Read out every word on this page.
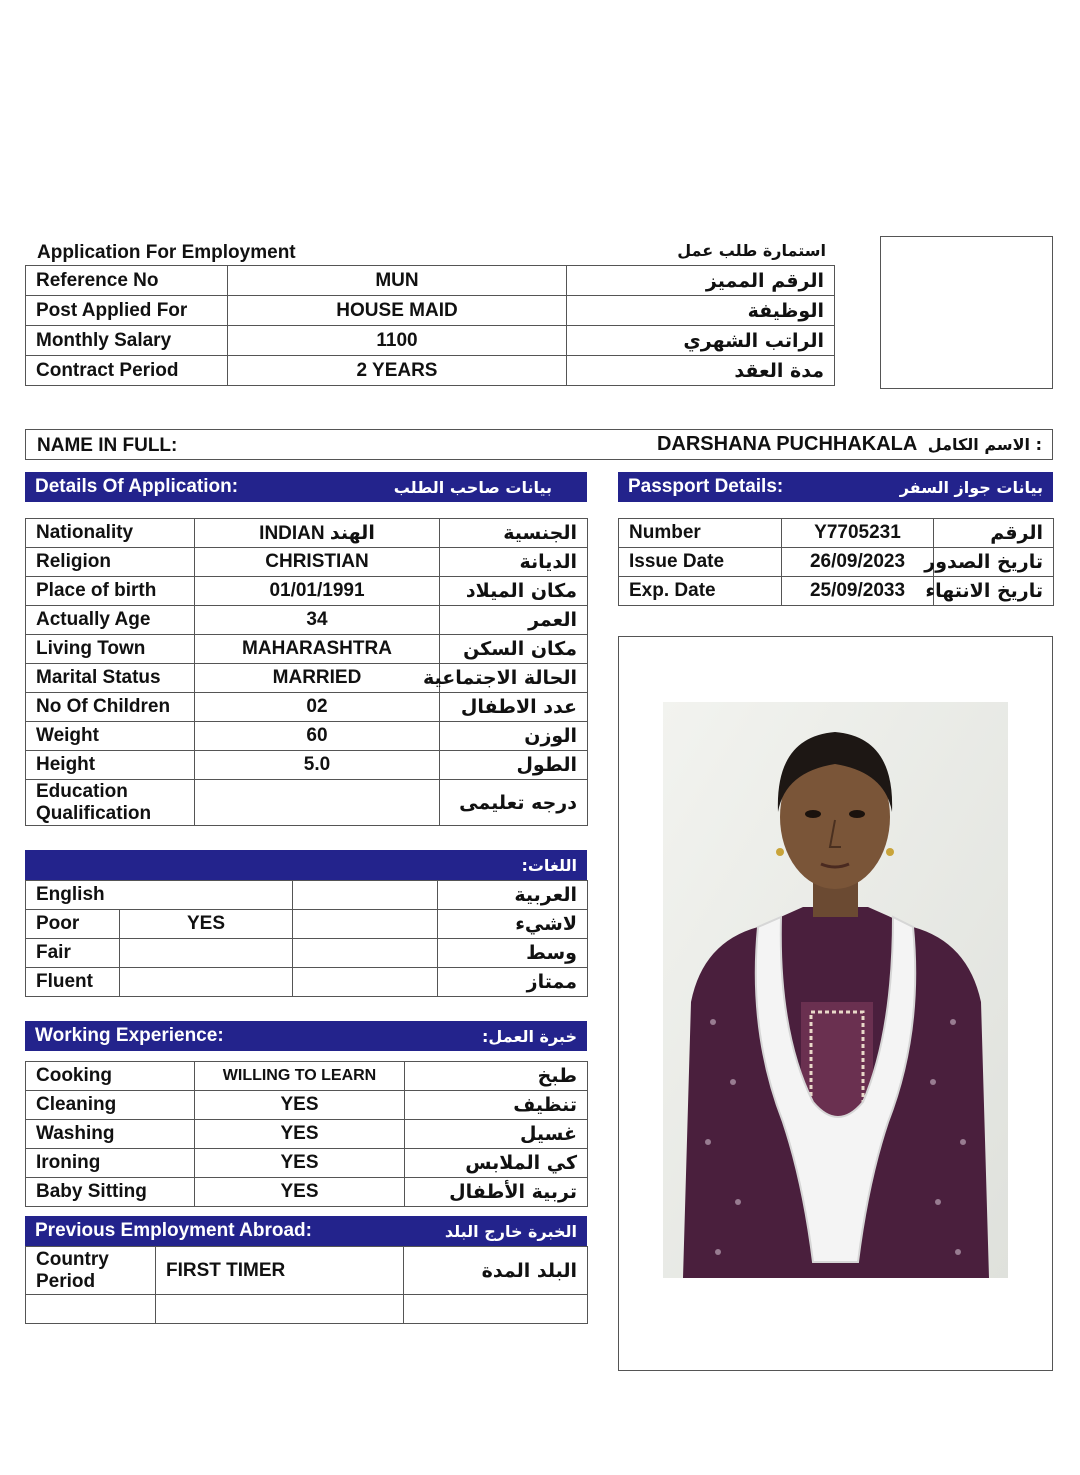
Application For Employment	استمارة طلب عمل
Reference No	MUN	الرقم المميز
Post Applied For	HOUSE MAID	الوظيفة
Monthly Salary	1100	الراتب الشهري
Contract Period	2 YEARS	مدة العقد
NAME IN FULL:	DARSHANA PUCHHAKALA : الاسم الكامل
Details Of Application:	بيانات صاحب الطلب
Nationality	INDIAN الهند	الجنسية
Religion	CHRISTIAN	الديانة
Place of birth	01/01/1991	مكان الميلاد
Actually Age	34	العمر
Living Town	MAHARASHTRA	مكان السكن
Marital Status	MARRIED	الحالة الاجتماعية
No Of Children	02	عدد الاطفال
Weight	60	الوزن
Height	5.0	الطول

Education
Qualification		درجه تعليمى
Passport Details:	بيانات جواز السفر
Number	Y7705231	الرقم
Issue Date	26/09/2023	تاريخ الصدور
Exp. Date	25/09/2033	تاريخ الانتهاء
اللغات:
English			العربية
Poor	YES		لاشيء
Fair			وسط
Fluent			ممتاز
Working Experience:	خبرة العمل:
Cooking	WILLING TO LEARN	طبخ
Cleaning	YES	تنظيف
Washing	YES	غسيل
Ironing	YES	كي الملابس
Baby Sitting	YES	تربية الأطفال
Previous Employment Abroad:	الخبرة خارج البلد
Country
Period	FIRST TIMER	البلد المدة
